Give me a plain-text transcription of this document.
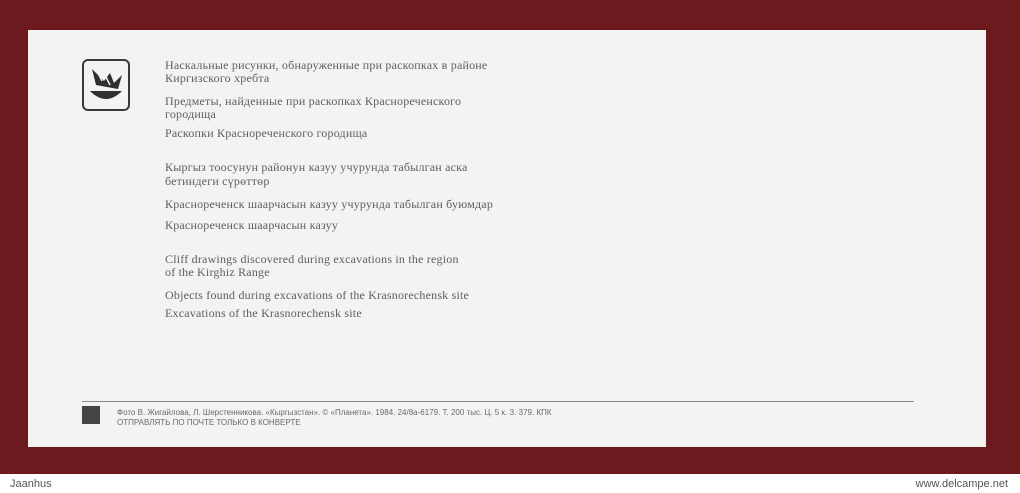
Наскальные рисунки, обнаруженные при раскопках в районе
Киргизского хребта
Предметы, найденные при раскопках Краснореченского
городища
Раскопки Краснореченского городища
Кыргыз тоосунун районун казуу учурунда табылган аска
бетиндеги сүрөттөр
Краснореченск шаарчасын казуу учурунда табылган буюмдар
Краснореченск шаарчасын казуу
Cliff drawings discovered during excavations in the region
of the Kirghiz Range
Objects found during excavations of the Krasnorechensk site
Excavations of the Krasnorechensk site
Фото В. Жигайлова, Л. Шерстенникова. «Кыргызстан». © «Планета». 1984. 24/8а-6179. Т. 200 тыс. Ц. 5 к. З. 379. КПК
ОТПРАВЛЯТЬ ПО ПОЧТЕ ТОЛЬКО В КОНВЕРТЕ
Jaanhus	www.delcampe.net
